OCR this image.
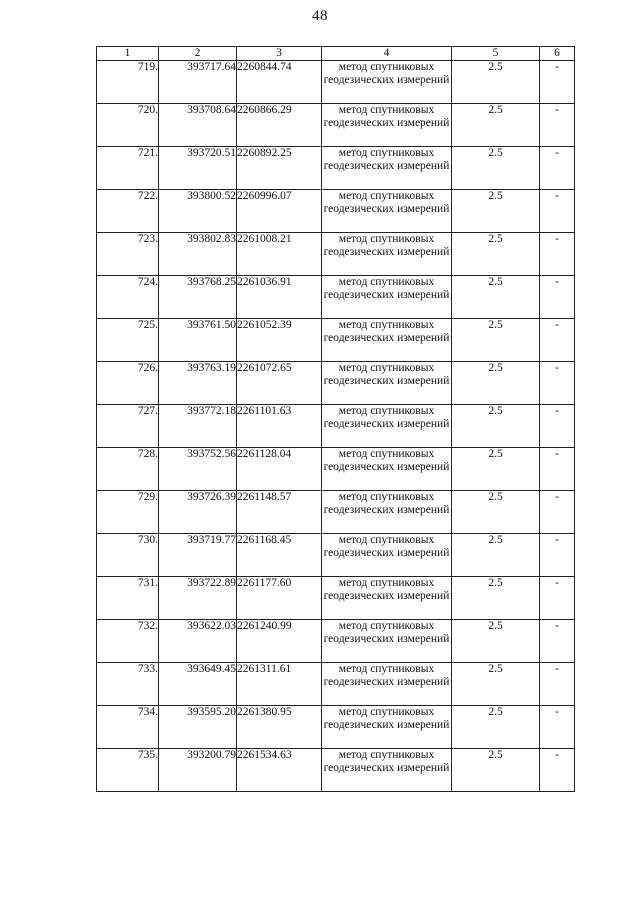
48
1	2	3	4	5	6
719.	393717.64	2260844.74	метод спутниковых геодезических измерений	2.5	-
720.	393708.64	2260866.29	метод спутниковых геодезических измерений	2.5	-
721.	393720.51	2260892.25	метод спутниковых геодезических измерений	2.5	-
722.	393800.52	2260996.07	метод спутниковых геодезических измерений	2.5	-
723.	393802.83	2261008.21	метод спутниковых геодезических измерений	2.5	-
724.	393768.25	2261036.91	метод спутниковых геодезических измерений	2.5	-
725.	393761.50	2261052.39	метод спутниковых геодезических измерений	2.5	-
726.	393763.19	2261072.65	метод спутниковых геодезических измерений	2.5	-
727.	393772.18	2261101.63	метод спутниковых геодезических измерений	2.5	-
728.	393752.56	2261128.04	метод спутниковых геодезических измерений	2.5	-
729.	393726.39	2261148.57	метод спутниковых геодезических измерений	2.5	-
730.	393719.77	2261168.45	метод спутниковых геодезических измерений	2.5	-
731.	393722.89	2261177.60	метод спутниковых геодезических измерений	2.5	-
732.	393622.03	2261240.99	метод спутниковых геодезических измерений	2.5	-
733.	393649.45	2261311.61	метод спутниковых геодезических измерений	2.5	-
734.	393595.20	2261380.95	метод спутниковых геодезических измерений	2.5	-
735.	393200.79	2261534.63	метод спутниковых геодезических измерений	2.5	-
